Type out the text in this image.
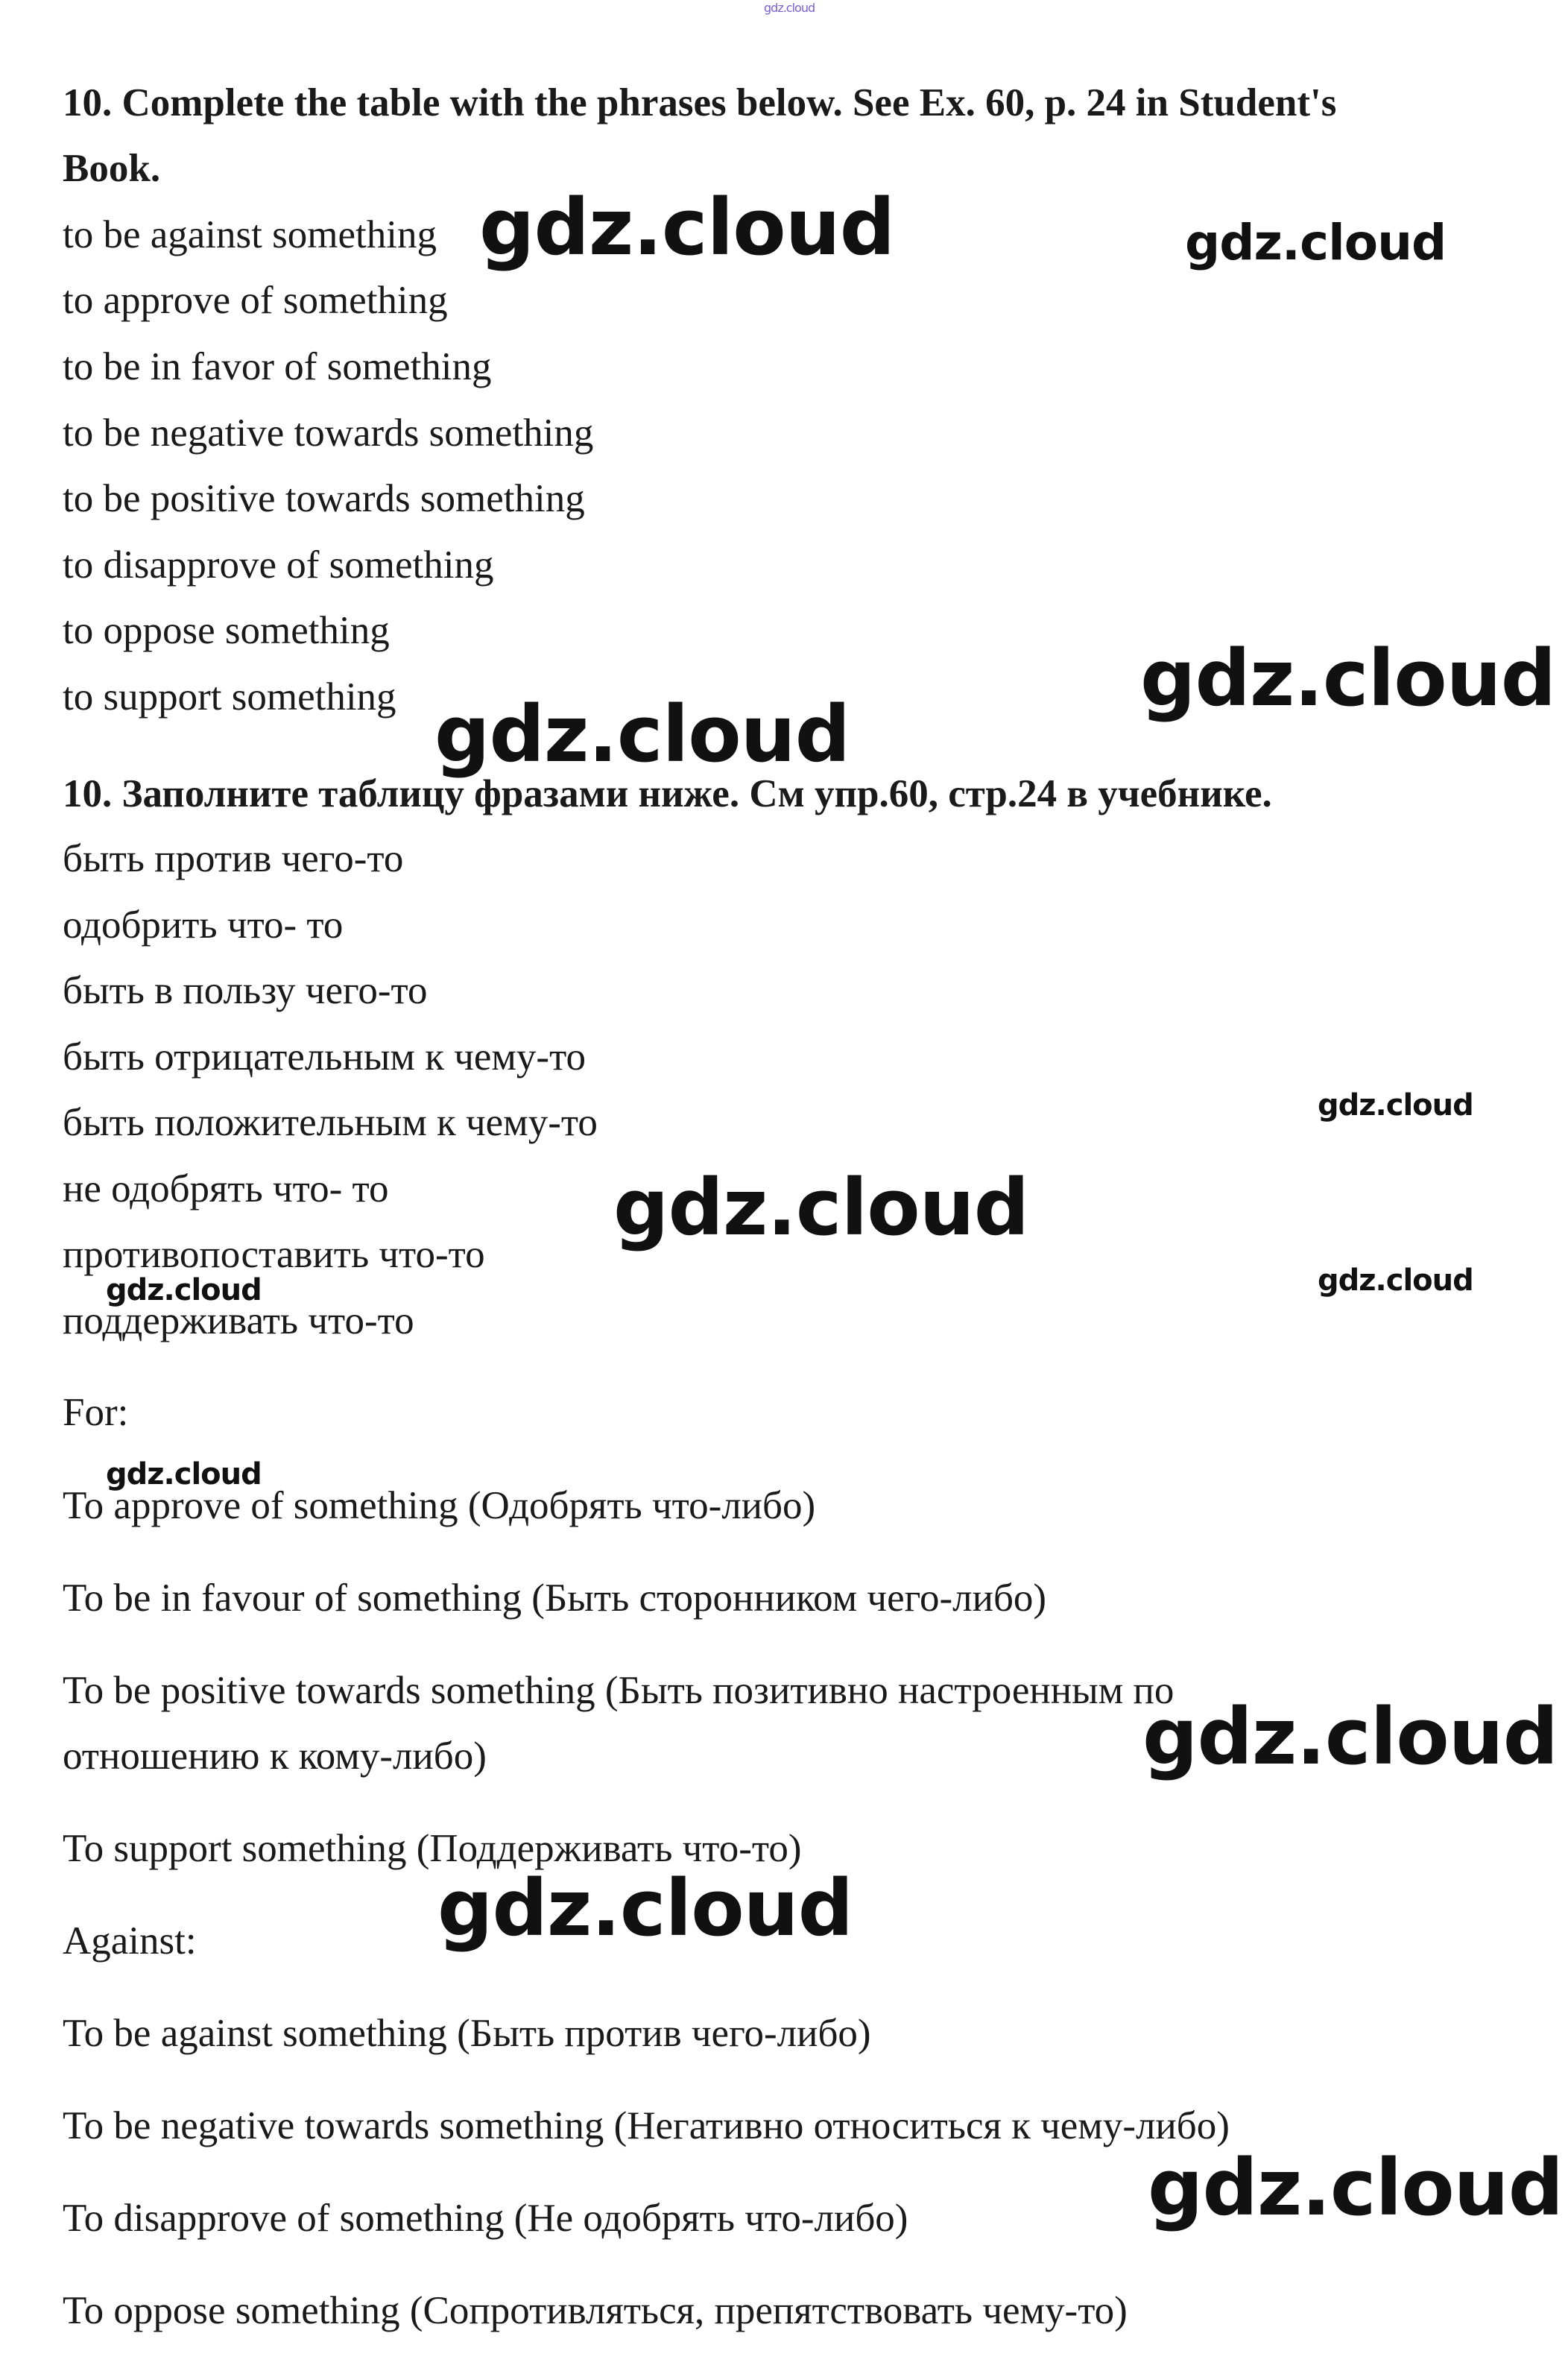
gdz.cloud
10. Complete the table with the phrases below. See Ex. 60, p. 24 in Student's
Book.
to be against something
to approve of something
to be in favor of something
to be negative towards something
to be positive towards something
to disapprove of something
to oppose something
to support something
10. Заполните таблицу фразами ниже. См упр.60, стр.24 в учебнике.
быть против чего-то
одобрить что- то
быть в пользу чего-то
быть отрицательным к чему-то
быть положительным к чему-то
не одобрять что- то
противопоставить что-то
поддерживать что-то
For:
To approve of something (Одобрять что-либо)
To be in favour of something (Быть сторонником чего-либо)
To be positive towards something (Быть позитивно настроенным по
отношению к кому-либо)
To support something (Поддерживать что-то)
Against:
To be against something (Быть против чего-либо)
To be negative towards something (Негативно относиться к чему-либо)
To disapprove of something (Не одобрять что-либо)
To oppose something (Сопротивляться, препятствовать чему-то)
gdz.cloud	gdz.cloud
gdz.cloud
gdz.cloud
gdz.cloud
gdz.cloud
gdz.cloud
gdz.cloud
gdz.cloud
gdz.cloud
gdz.cloud
gdz.cloud
